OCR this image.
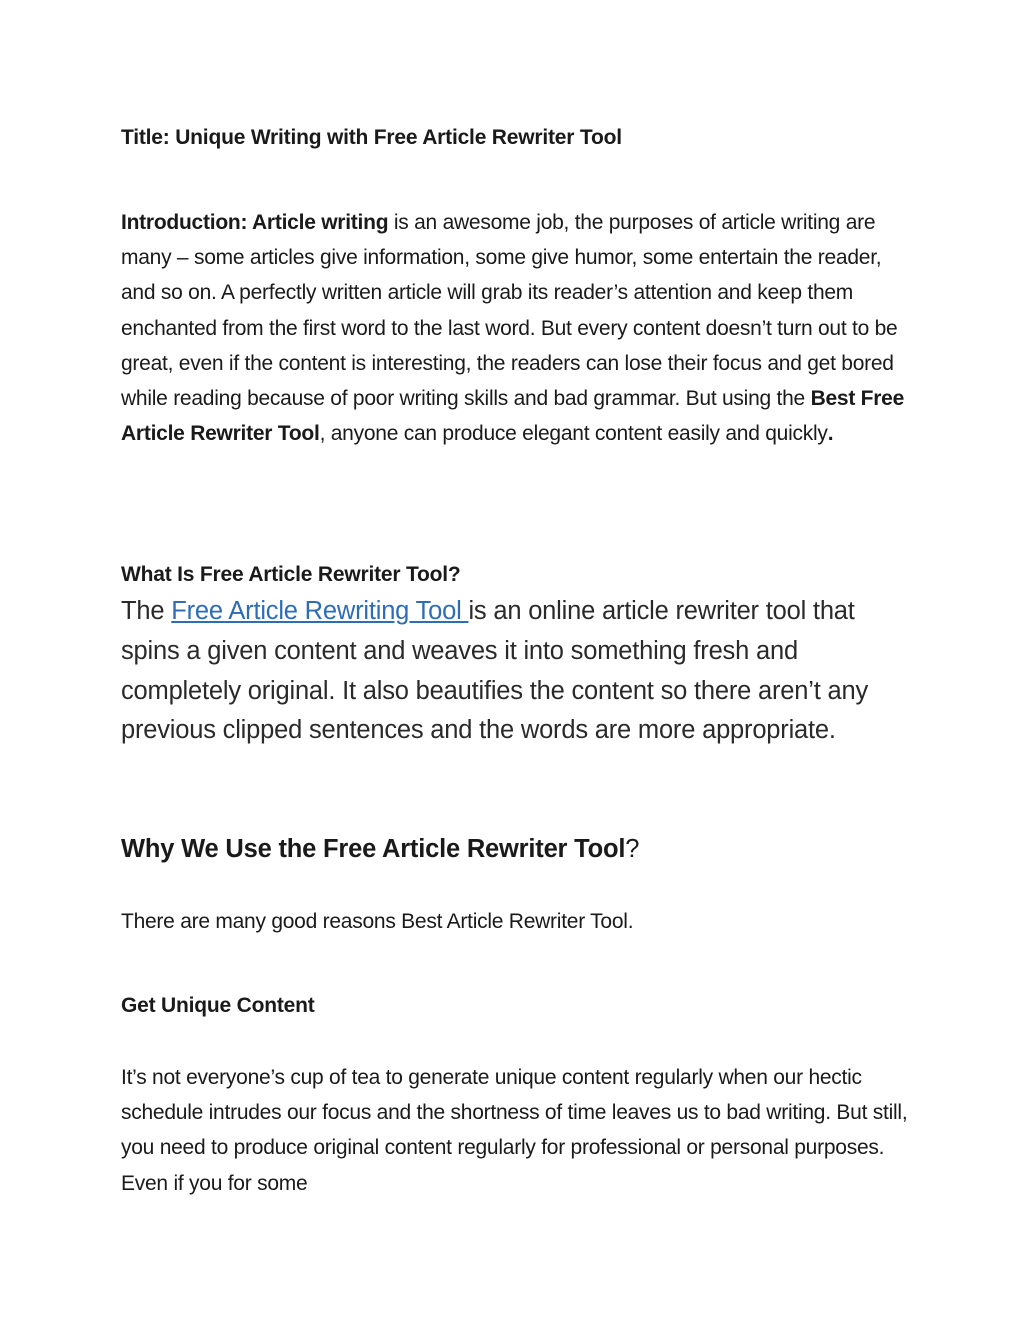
Title: Unique Writing with Free Article Rewriter Tool

Introduction: Article writing is an awesome job, the purposes of article writing are many – some articles give information, some give humor, some entertain the reader, and so on. A perfectly written article will grab its reader’s attention and keep them enchanted from the first word to the last word. But every content doesn’t turn out to be great, even if the content is interesting, the readers can lose their focus and get bored while reading because of poor writing skills and bad grammar. But using the Best Free Article Rewriter Tool, anyone can produce elegant content easily and quickly.

What Is Free Article Rewriter Tool?

The Free Article Rewriting Tool is an online article rewriter tool that spins a given content and weaves it into something fresh and completely original. It also beautifies the content so there aren’t any previous clipped sentences and the words are more appropriate.

Why We Use the Free Article Rewriter Tool?

There are many good reasons Best Article Rewriter Tool.

Get Unique Content

It’s not everyone’s cup of tea to generate unique content regularly when our hectic schedule intrudes our focus and the shortness of time leaves us to bad writing. But still, you need to produce original content regularly for professional or personal purposes. Even if you for some
